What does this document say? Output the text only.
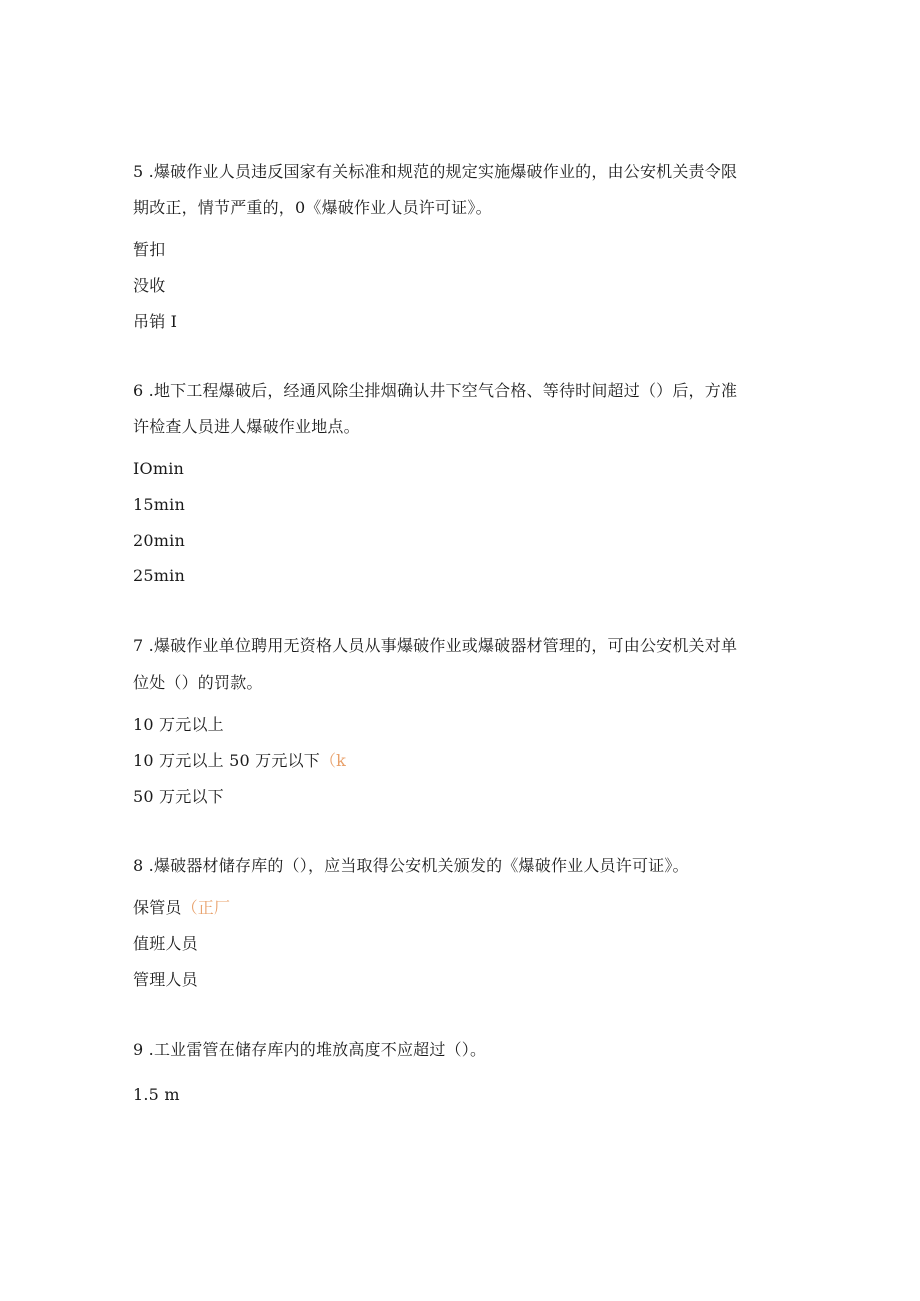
5 .爆破作业人员违反国家有关标准和规范的规定实施爆破作业的，由公安机关责令限
期改正，情节严重的，0《爆破作业人员许可证》。
暂扣
没收
吊销 I
6 .地下工程爆破后，经通风除尘排烟确认井下空气合格、等待时间超过（）后，方准
许检查人员进人爆破作业地点。
IOmin
15min
20min
25min
7 .爆破作业单位聘用无资格人员从事爆破作业或爆破器材管理的，可由公安机关对单
位处（）的罚款。
10 万元以上
10 万元以上 50 万元以下（k
50 万元以下
8 .爆破器材储存库的（），应当取得公安机关颁发的《爆破作业人员许可证》。
保管员（正厂
值班人员
管理人员
9 .工业雷管在储存库内的堆放高度不应超过（）。
1.5 m
